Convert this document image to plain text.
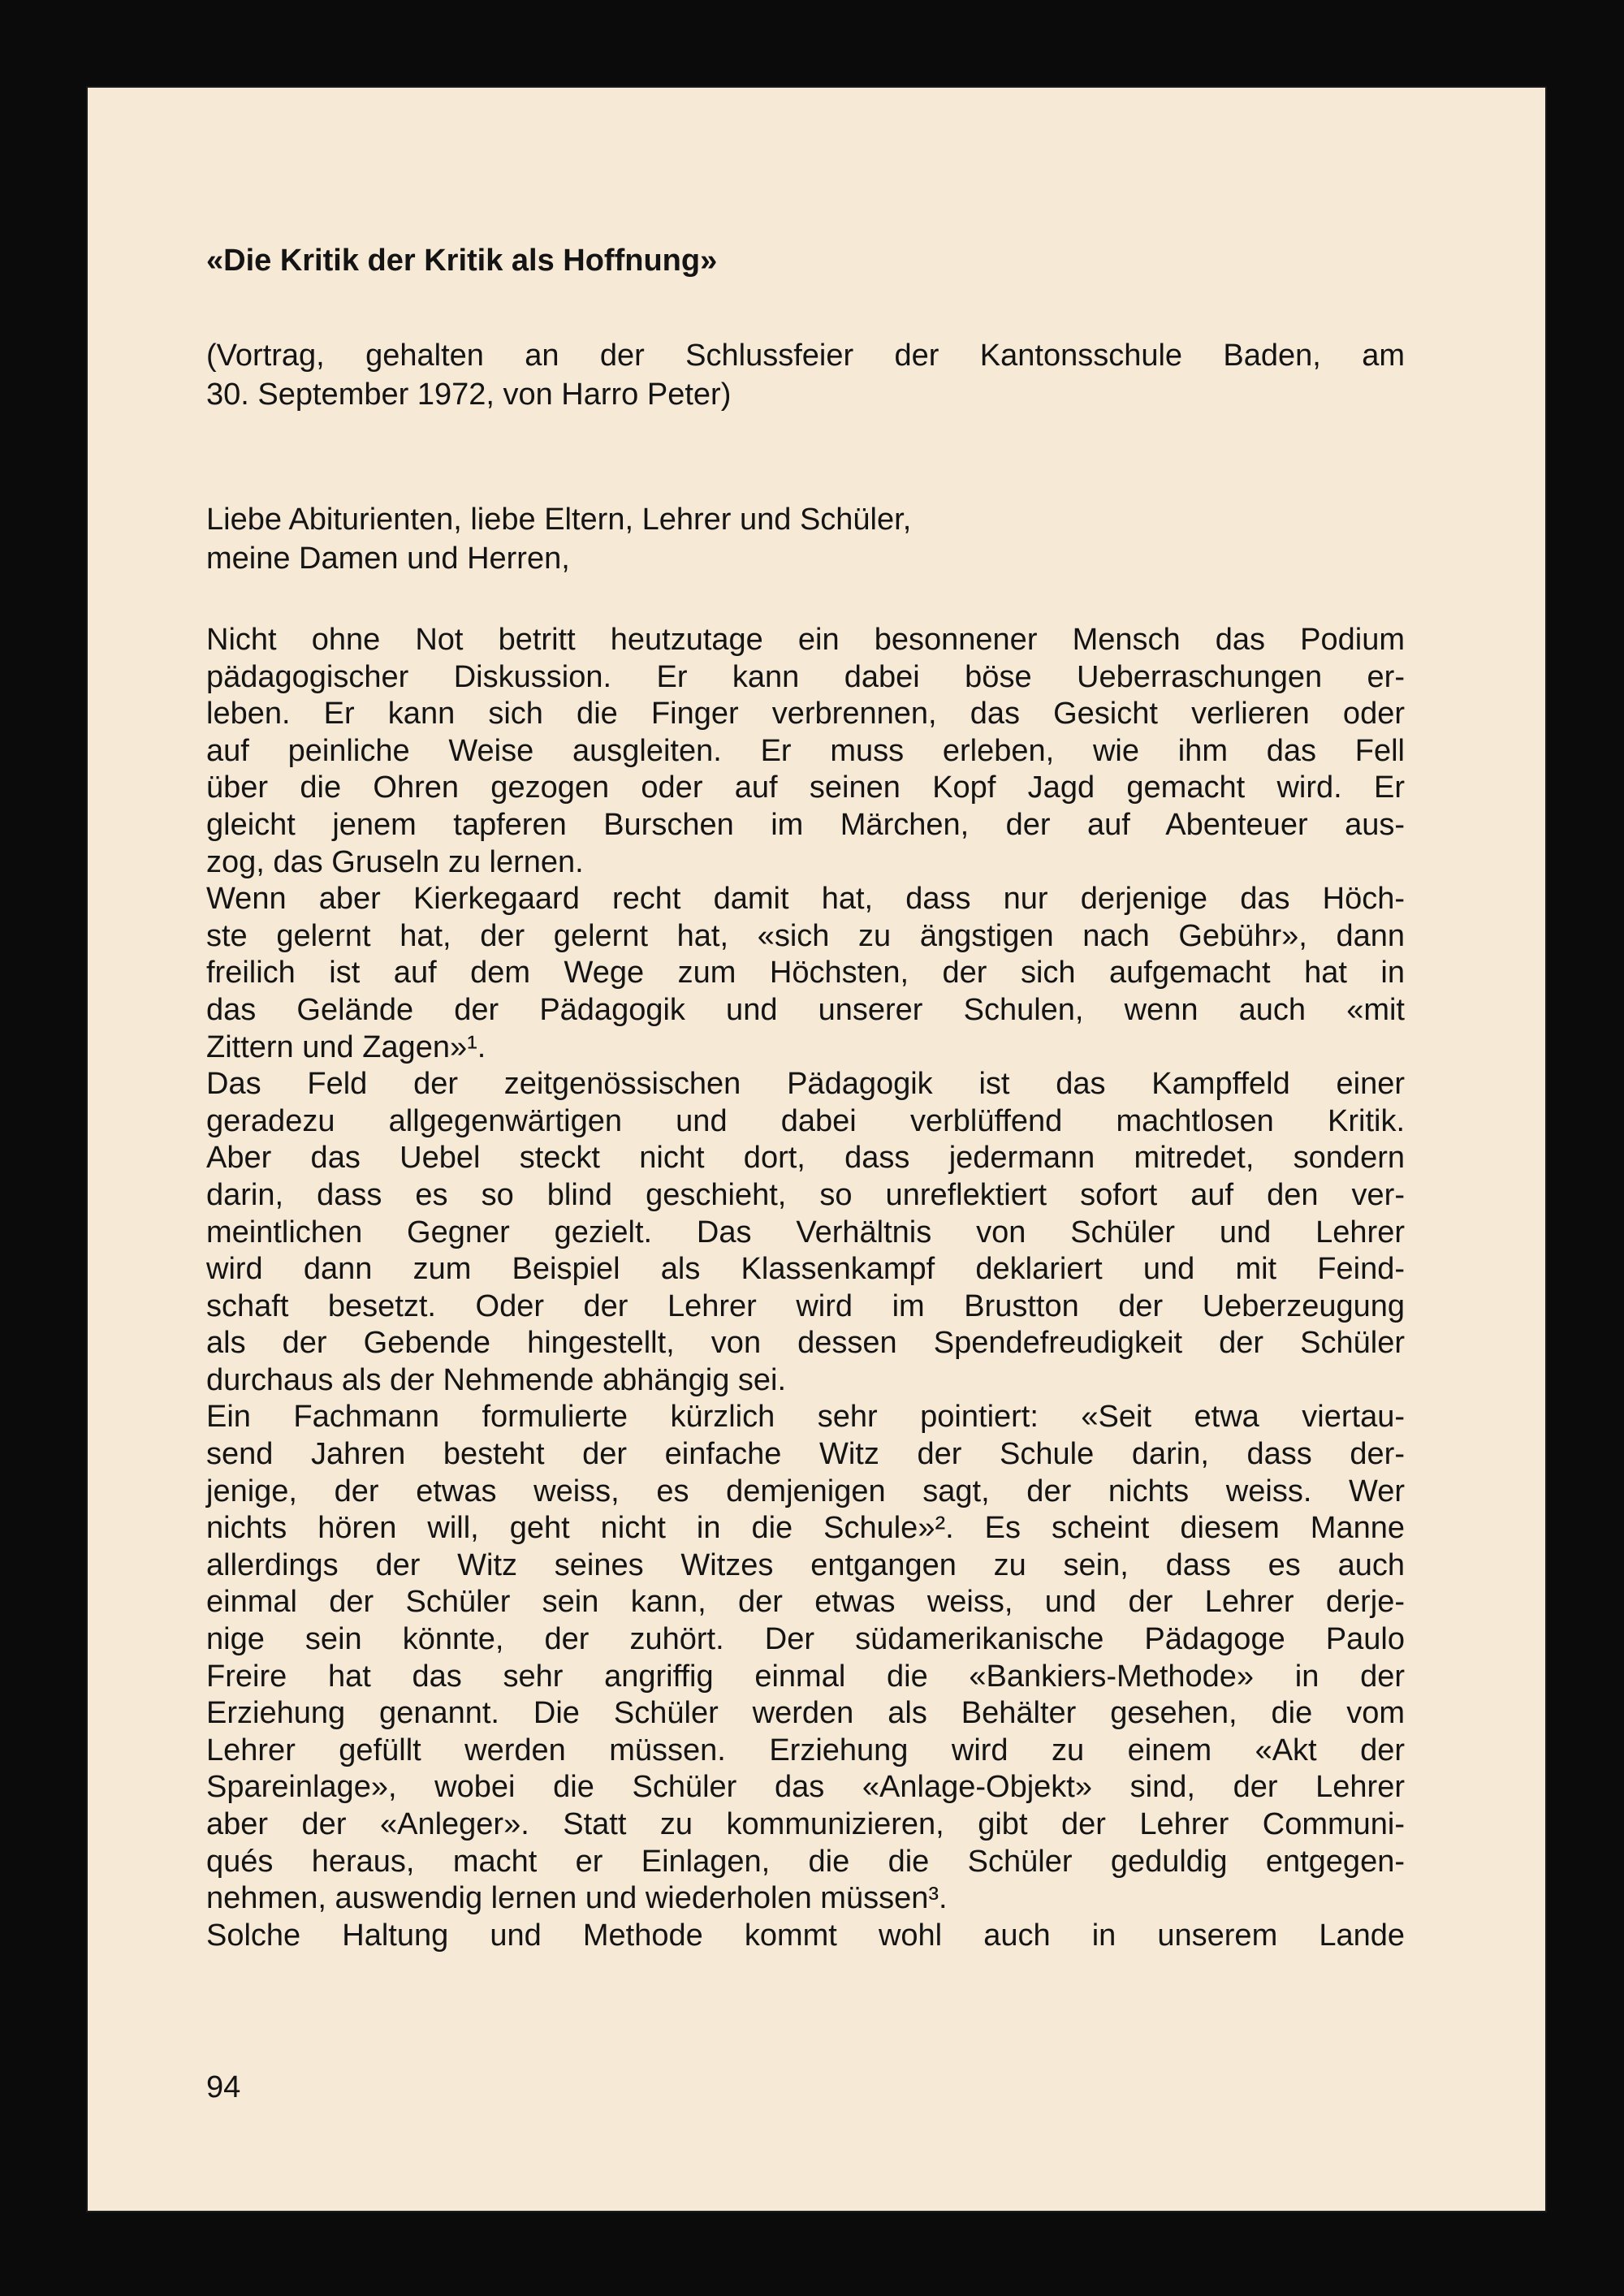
«Die Kritik der Kritik als Hoffnung»
(Vortrag, gehalten an der Schlussfeier der Kantonsschule Baden, am
30. September 1972, von Harro Peter)
Liebe Abiturienten, liebe Eltern, Lehrer und Schüler,
meine Damen und Herren,
Nicht ohne Not betritt heutzutage ein besonnener Mensch das Podium
pädagogischer Diskussion. Er kann dabei böse Ueberraschungen er-
leben. Er kann sich die Finger verbrennen, das Gesicht verlieren oder
auf peinliche Weise ausgleiten. Er muss erleben, wie ihm das Fell
über die Ohren gezogen oder auf seinen Kopf Jagd gemacht wird. Er
gleicht jenem tapferen Burschen im Märchen, der auf Abenteuer aus-
zog, das Gruseln zu lernen.
Wenn aber Kierkegaard recht damit hat, dass nur derjenige das Höch-
ste gelernt hat, der gelernt hat, «sich zu ängstigen nach Gebühr», dann
freilich ist auf dem Wege zum Höchsten, der sich aufgemacht hat in
das Gelände der Pädagogik und unserer Schulen, wenn auch «mit
Zittern und Zagen»¹.
Das Feld der zeitgenössischen Pädagogik ist das Kampffeld einer
geradezu allgegenwärtigen und dabei verblüffend machtlosen Kritik.
Aber das Uebel steckt nicht dort, dass jedermann mitredet, sondern
darin, dass es so blind geschieht, so unreflektiert sofort auf den ver-
meintlichen Gegner gezielt. Das Verhältnis von Schüler und Lehrer
wird dann zum Beispiel als Klassenkampf deklariert und mit Feind-
schaft besetzt. Oder der Lehrer wird im Brustton der Ueberzeugung
als der Gebende hingestellt, von dessen Spendefreudigkeit der Schüler
durchaus als der Nehmende abhängig sei.
Ein Fachmann formulierte kürzlich sehr pointiert: «Seit etwa viertau-
send Jahren besteht der einfache Witz der Schule darin, dass der-
jenige, der etwas weiss, es demjenigen sagt, der nichts weiss. Wer
nichts hören will, geht nicht in die Schule»². Es scheint diesem Manne
allerdings der Witz seines Witzes entgangen zu sein, dass es auch
einmal der Schüler sein kann, der etwas weiss, und der Lehrer derje-
nige sein könnte, der zuhört. Der südamerikanische Pädagoge Paulo
Freire hat das sehr angriffig einmal die «Bankiers-Methode» in der
Erziehung genannt. Die Schüler werden als Behälter gesehen, die vom
Lehrer gefüllt werden müssen. Erziehung wird zu einem «Akt der
Spareinlage», wobei die Schüler das «Anlage-Objekt» sind, der Lehrer
aber der «Anleger». Statt zu kommunizieren, gibt der Lehrer Communi-
qués heraus, macht er Einlagen, die die Schüler geduldig entgegen-
nehmen, auswendig lernen und wiederholen müssen³.
Solche Haltung und Methode kommt wohl auch in unserem Lande
94
